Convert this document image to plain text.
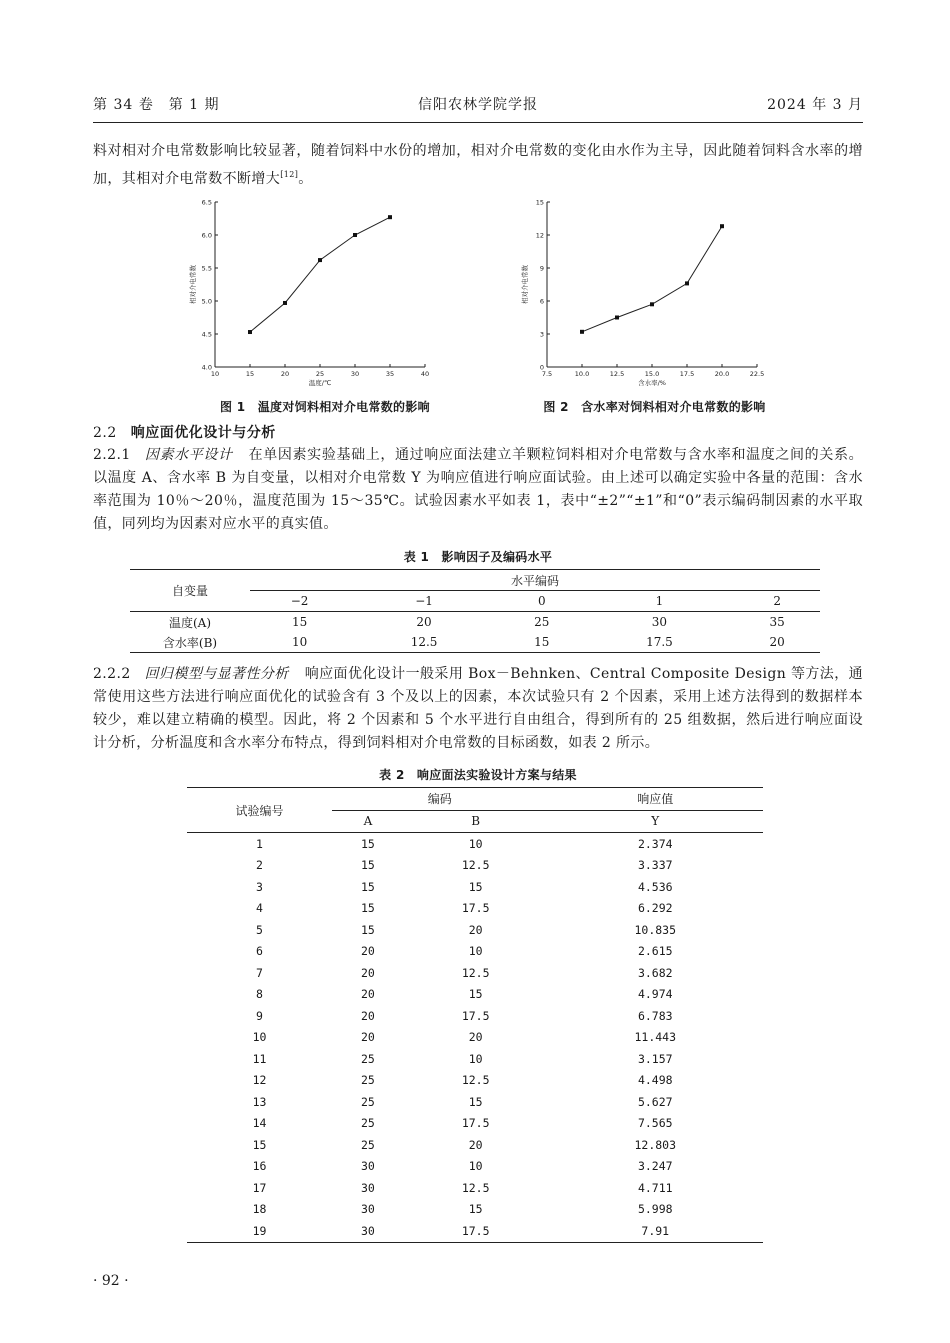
第 34 卷　第 1 期	信阳农林学院学报	2024 年 3 月
料对相对介电常数影响比较显著，随着饲料中水份的增加，相对介电常数的变化由水作为主导，因此随着饲料含水率的增加，其相对介电常数不断增大[12]。
10	15	20	25	30	35	40
4.0
4.5
5.0
5.5
6.0
6.5
温度/℃
相对介电常数
图 1　温度对饲料相对介电常数的影响
7.5	10.0	12.5	15.0	17.5	20.0	22.5
0
3
6
9
12
15
含水率/%
相对介电常数
图 2　含水率对饲料相对介电常数的影响
2.2 响应面优化设计与分析
2.2.1 因素水平设计 在单因素实验基础上，通过响应面法建立羊颗粒饲料相对介电常数与含水率和温度之间的关系。以温度 A、含水率 B 为自变量，以相对介电常数 Y 为响应值进行响应面试验。由上述可以确定实验中各量的范围：含水率范围为 10％～20％，温度范围为 15～35℃。试验因素水平如表 1，表中“±2”“±1”和“0”表示编码制因素的水平取值，同列均为因素对应水平的真实值。
表 1　影响因子及编码水平
自变量	水平编码				
	−2	−1	0	1	2
温度(A)	15	20	25	30	35
含水率(B)	10	12.5	15	17.5	20
2.2.2 回归模型与显著性分析 响应面优化设计一般采用 Box－Behnken、Central Composite Design 等方法，通常使用这些方法进行响应面优化的试验含有 3 个及以上的因素，本次试验只有 2 个因素，采用上述方法得到的数据样本较少，难以建立精确的模型。因此，将 2 个因素和 5 个水平进行自由组合，得到所有的 25 组数据，然后进行响应面设计分析，分析温度和含水率分布特点，得到饲料相对介电常数的目标函数，如表 2 所示。
表 2　响应面法实验设计方案与结果
试验编号	编码		响应值
	A	B	Y
1	15	10	2.374
2	15	12.5	3.337
3	15	15	4.536
4	15	17.5	6.292
5	15	20	10.835
6	20	10	2.615
7	20	12.5	3.682
8	20	15	4.974
9	20	17.5	6.783
10	20	20	11.443
11	25	10	3.157
12	25	12.5	4.498
13	25	15	5.627
14	25	17.5	7.565
15	25	20	12.803
16	30	10	3.247
17	30	12.5	4.711
18	30	15	5.998
19	30	17.5	7.91
· 92 ·
